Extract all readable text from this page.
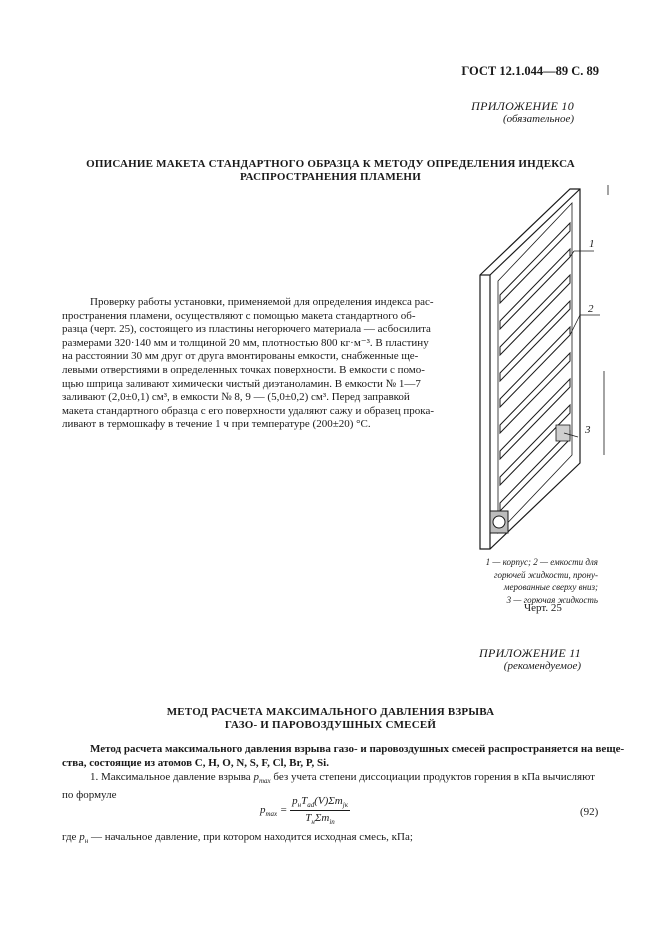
ГОСТ 12.1.044—89 С. 89
ПРИЛОЖЕНИЕ 10
(обязательное)
ОПИСАНИЕ МАКЕТА СТАНДАРТНОГО ОБРАЗЦА К МЕТОДУ ОПРЕДЕЛЕНИЯ ИНДЕКСА
РАСПРОСТРАНЕНИЯ ПЛАМЕНИ

Проверку работы установки, применяемой для определения индекса рас-

пространения пламени, осуществляют с помощью макета стандартного об-

разца (черт. 25), состоящего из пластины негорючего материала — асбосилита

размерами 320·140 мм и толщиной 20 мм, плотностью 800 кг·м⁻³. В пластину

на расстоянии 30 мм друг от друга вмонтированы емкости, снабженные ще-

левыми отверстиями в определенных точках поверхности. В емкости с помо-

щью шприца заливают химически чистый диэтаноламин. В емкости № 1—7

заливают (2,0±0,1) см³, в емкости № 8, 9 — (5,0±0,2) см³. Перед заправкой

макета стандартного образца с его поверхности удаляют сажу и образец прока-

ливают в термошкафу в течение 1 ч при температуре (200±20) °С.

1
2
3
1 — корпус; 2 — емкости для
горючей жидкости, прону-
мерованные сверху вниз;
3 — горючая жидкость
Черт. 25
ПРИЛОЖЕНИЕ 11
(рекомендуемое)
МЕТОД РАСЧЕТА МАКСИМАЛЬНОГО ДАВЛЕНИЯ ВЗРЫВА
ГАЗО- И ПАРОВОЗДУШНЫХ СМЕСЕЙ
Метод расчета максимального давления взрыва газо- и паровоздушных смесей распространяется на веще-
ства, состоящие из атомов C, H, O, N, S, F, Cl, Br, P, Si.
1. Максимальное давление взрыва $p_{max}$ без учета степени диссоциации продуктов горения в кПа вычисляют
по формуле
$p_{max} = \frac{p_нT_{ad}(V)\Sigma m_{jк}}{T_н\Sigma m_{in}}$	(92)
где $p_н$ — начальное давление, при котором находится исходная смесь, кПа;
